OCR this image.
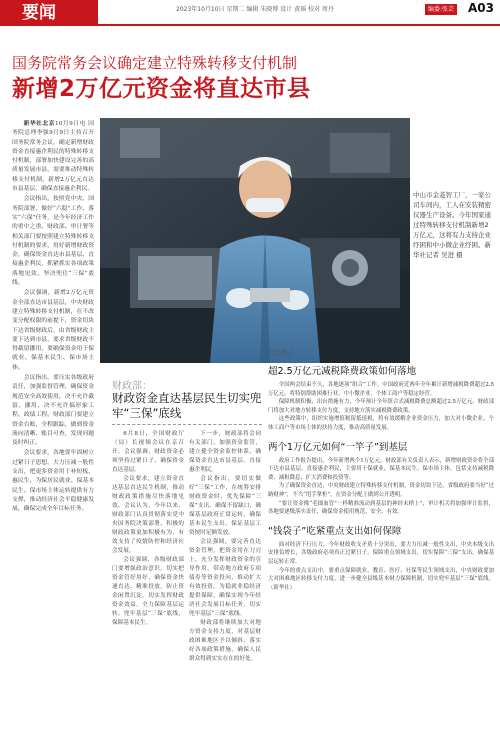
要闻	2023年10月10日 星期二 编辑 朱晓博 设计 黄瑶 校对 周丹	编委:张芸 A03
国务院常务会议确定建立特殊转移支付机制
新增2万亿元资金将直达市县

新华社北京10月9日电 国务院总理李强9月9日主持召开国务院常务会议，确定新增财政资金直接惠企利民的特殊转移支付机制，部署加快建设完善的高质量发展市县，需要推动特殊转移支付机制、新增2万亿元直达市县基层，确保直接惠企利民。

会议指出，按照党中央、国务院部署，做好“六稳”工作、落实“六保”任务，是今年经济工作的重中之重。财政部、审计署等相关部门要按照建立特殊转移支付机制的要求，用好新增财政资金，确保资金直达市县基层、直接惠企利民，抓紧抓实各项政策落地见效，坚决兜住“三保”底线。

会议强调，新增2万亿元资金全部直达市县基层，中央财政建立特殊转移支付机制，在不改变分配权限的前提下，资金切块下达省级财政后，由省级财政主要下达到市县，要求省级财政不得截留挪用，要确保资金用于保就业、保基本民生、保市场主体。

会议指出，要压实各级政府责任，加强监督管理，确保资金规范安全高效使用，决不允许截留、挪用，决不允许搞形象工程、政绩工程。财政部门要建立资金台账，全程跟踪，做到资金流向清晰、账目可查，发现问题及时纠正。

会议要求，各地要牢固树立过紧日子思想，大力压减一般性支出，把更多资金用于补短板、惠民生，为保居民就业、保基本民生、保市场主体运转提供有力支撑，推动经济社会平稳健康发展，确保完成全年目标任务。

中山市金菱智工厂，一家公司车间内，工人在安装精密仪器生产设备。今年国家通过特殊转移支付机制新增2万亿元，这将有力支持企业纾困和中小微企业纾困。新华社记者 吴进 摄
财政部：
财政资金直达基层民生切实兜牢“三保”底线

6月8日，全国财政厅（局）长视频会议在京召开，会议强调，财政资金必须坚持过紧日子，确保资金直达基层。

会议要求，建立资金直达基层直达民生机制，推动财政政策措施尽快落地见效。会议认为，今年以来，财政部门认真贯彻落实党中央国务院决策部署，积极的财政政策更加积极有为，有效支持了疫情防控和经济社会发展。

会议强调，各级财政部门要增强政治意识，切实把资金管好用好，确保资金快速直达、精准投放，防止资金闲置沉淀，切实发挥财政资金效益，全力保障基层运转，兜牢基层“三保”底线，保障基本民生。

下一步，财政部将会同有关部门，加强资金监管，建立健全资金监控体系，确保资金直达市县基层、直接惠企利民。

会议指出，要切实做好“三保”工作，在统筹安排财政资金时，优先保障“三保”支出，确保不留缺口，确保基层政府正常运转，确保基本民生支出，保证基层工资按时足额发放。

会议强调，要完善直达资金管理，把资金用在刀刃上，充分发挥财政资金的引导作用，带动地方政府专项债券等资金投向，推动扩大有效投资，为稳就业稳经济提供保障，确保实现今年经济社会发展目标任务，切实兜牢基层“三保”底线。

财政部将继续加大对地方资金支持力度，对基层财政困难地区予以倾斜，落实好各项政策措施，确保人民群众得到实实在在的好处。

关注焦点
超2.5万亿元减税降费政策如何落地

全国两会结束不久，各地逐项“组合”工作。中国政府近两年全年累计新增减税降费超过2.5万亿元，将特别帮助困难行业、中小微企业、个体工商户等稳定经营。

保障机制积极，出台措施有力，今年预计全年组合式减税降费总额超过2.5万亿元。财政部门将加大对地方转移支付力度，支持地方落实减税降费政策。

这些政策中，组织实施增值税留抵退税，将有效缓解企业资金压力，加大对小微企业、个体工商户等市场主体的扶持力度，推动高质量发展。

两个1万亿元如何“一竿子”到基层

政府工作报告提出，今年新增两个1万亿元。财政部有关负责人表示，新增财政资金将全部下达市县基层，直接惠企利民，主要用于保就业、保基本民生、保市场主体，包括支持减税降费、减租降息、扩大消费和投资等。

为了确保资金直达，中央财政建立特殊转移支付机制，资金切块下达，省级政府要当好“过路财神”，不当“甩手掌柜”，在资金分配上做到公开透明。

“要让资金像“毛细血管”一样精准流动到基层的神经末梢上”，审计机关将加强审计监督，各地要逐级落实责任，确保资金使用规范、安全、有效。

“钱袋子”吃紧重点支出如何保障

面对经济下行压力，今年财政收支矛盾十分突出，要大力压减一般性支出，中央本级支出安排负增长，各级政府必须真正过紧日子，保障重点领域支出，切实保障“三保”支出，确保基层运转正常。

今年的重点支出中，要重点保障就业、教育、医疗、社保等民生领域支出，中央财政要加大对困难地区转移支付力度，进一步健全县级基本财力保障机制，切实兜牢基层“三保”底线。（新华社）
